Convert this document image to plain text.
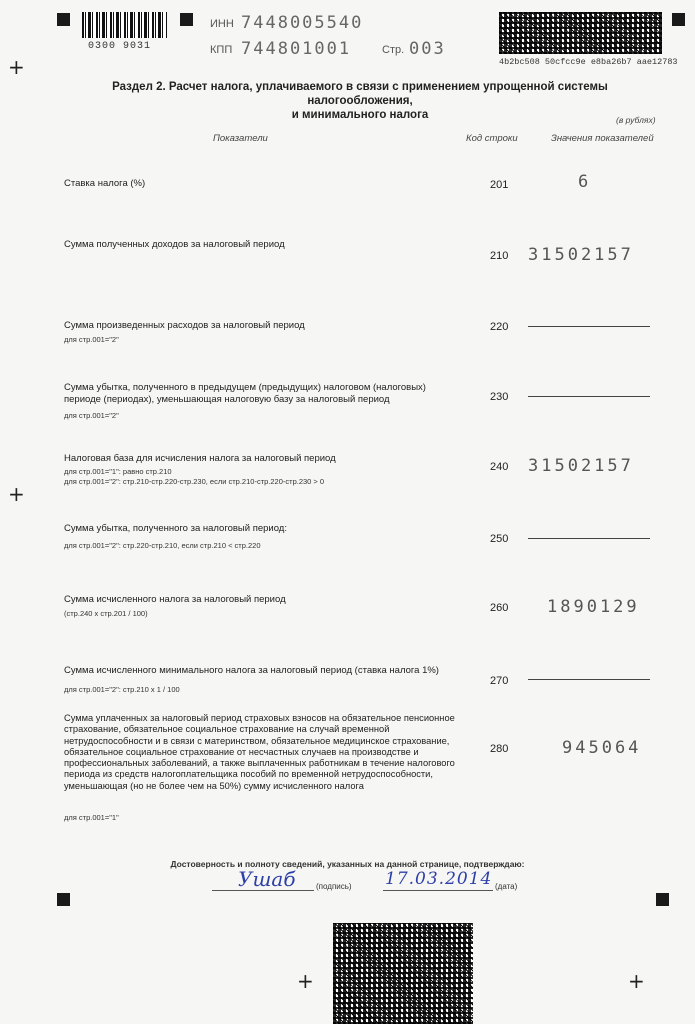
+
+
+	+
0300 9031
ИНН 7448005540
КПП 744801001	Стр. 003
4b2bc508 50cfcc9e e8ba26b7 aae12783
Раздел 2. Расчет налога, уплачиваемого в связи с применением упрощенной системы налогообложения,
и минимального налога	(в рублях)
Показатели	Код строки	Значения показателей
Ставка налога (%)	201	6
Сумма полученных доходов за налоговый период
210 31502157
Сумма произведенных расходов за налоговый период
для стр.001="2"
220
Сумма убытка, полученного в предыдущем (предыдущих) налоговом (налоговых) периоде (периодах), уменьшающая налоговую базу за налоговый период
для стр.001="2"
230
Налоговая база для исчисления налога за налоговый период
для стр.001="1": равно стр.210
для стр.001="2": стр.210-стр.220-стр.230, если стр.210-стр.220-стр.230 > 0
240 31502157
Сумма убытка, полученного за налоговый период:
для стр.001="2": стр.220-стр.210, если стр.210 < стр.220
250
Сумма исчисленного налога за налоговый период
(стр.240 х стр.201 / 100)	260 1890129
Сумма исчисленного минимального налога за налоговый период (ставка налога 1%)
для стр.001="2": стр.210 х 1 / 100
270
Сумма уплаченных за налоговый период страховых взносов на обязательное пенсионное страхование, обязательное социальное страхование на случай временной нетрудоспособности и в связи с материнством, обязательное медицинское страхование, обязательное социальное страхование от несчастных случаев на производстве и профессиональных заболеваний, а также выплаченных работникам в течение налогового периода из средств налогоплательщика пособий по временной нетрудоспособности, уменьшающая (но не более чем на 50%) сумму исчисленного налога
для стр.001="1"
280	945064
Достоверность и полноту сведений, указанных на данной странице, подтверждаю:
Ушаб	(подпись) 17.03.2014 (дата)
